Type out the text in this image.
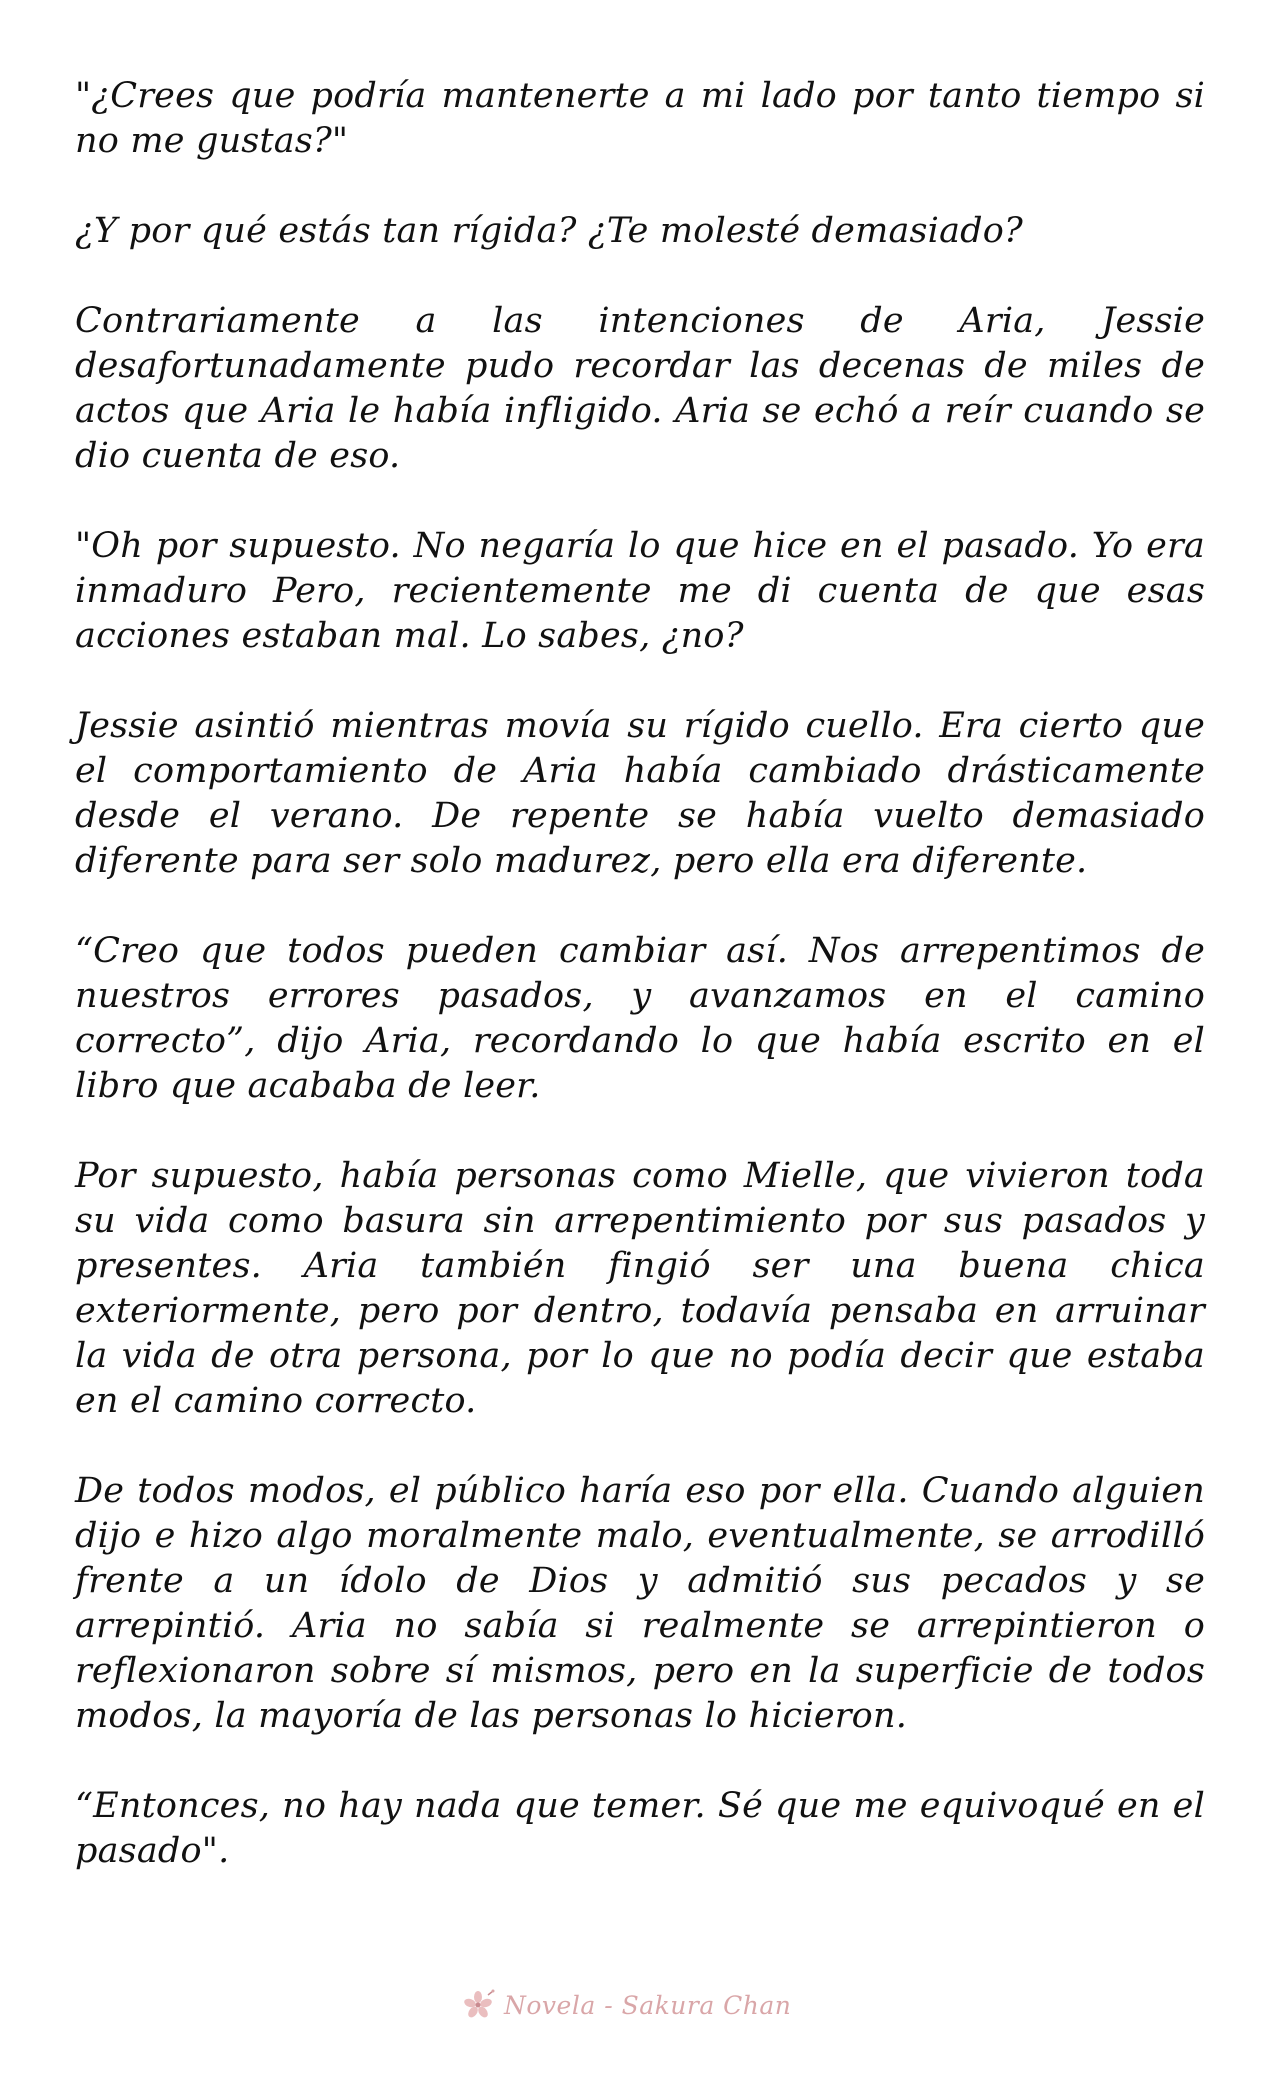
"¿Crees que podría mantenerte a mi lado por tanto tiempo si no me gustas?"

¿Y por qué estás tan rígida? ¿Te molesté demasiado?

Contrariamente a las intenciones de Aria, Jessie desafortunadamente pudo recordar las decenas de miles de actos que Aria le había infligido. Aria se echó a reír cuando se dio cuenta de eso.

"Oh por supuesto. No negaría lo que hice en el pasado. Yo era inmaduro Pero, recientemente me di cuenta de que esas acciones estaban mal. Lo sabes, ¿no?

Jessie asintió mientras movía su rígido cuello. Era cierto que el comportamiento de Aria había cambiado drásticamente desde el verano. De repente se había vuelto demasiado diferente para ser solo madurez, pero ella era diferente.

“Creo que todos pueden cambiar así. Nos arrepentimos de nuestros errores pasados, y avanzamos en el camino correcto”, dijo Aria, recordando lo que había escrito en el libro que acababa de leer.

Por supuesto, había personas como Mielle, que vivieron toda su vida como basura sin arrepentimiento por sus pasados y presentes. Aria también fingió ser una buena chica exteriormente, pero por dentro, todavía pensaba en arruinar la vida de otra persona, por lo que no podía decir que estaba en el camino correcto.

De todos modos, el público haría eso por ella. Cuando alguien dijo e hizo algo moralmente malo, eventualmente, se arrodilló frente a un ídolo de Dios y admitió sus pecados y se arrepintió. Aria no sabía si realmente se arrepintieron o reflexionaron sobre sí mismos, pero en la superficie de todos modos, la mayoría de las personas lo hicieron.

“Entonces, no hay nada que temer. Sé que me equivoqué en el pasado".

Novela - Sakura Chan
